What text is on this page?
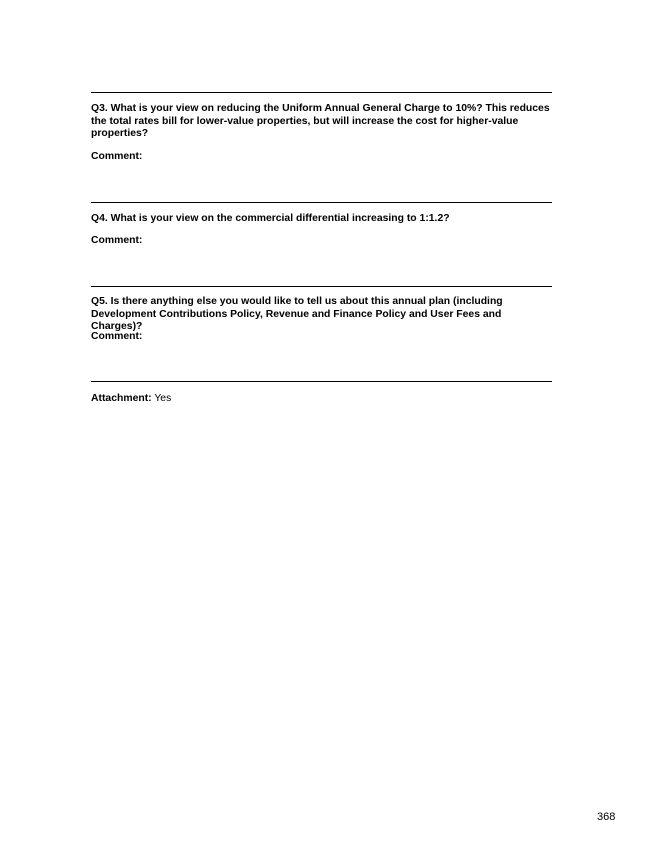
Q3. What is your view on reducing the Uniform Annual General Charge to 10%? This reduces the total rates bill for lower-value properties, but will increase the cost for higher-value properties?

Comment:

Q4. What is your view on the commercial differential increasing to 1:1.2?

Comment:

Q5. Is there anything else you would like to tell us about this annual plan (including Development Contributions Policy, Revenue and Finance Policy and User Fees and Charges)?

Comment:

Attachment: Yes

368
